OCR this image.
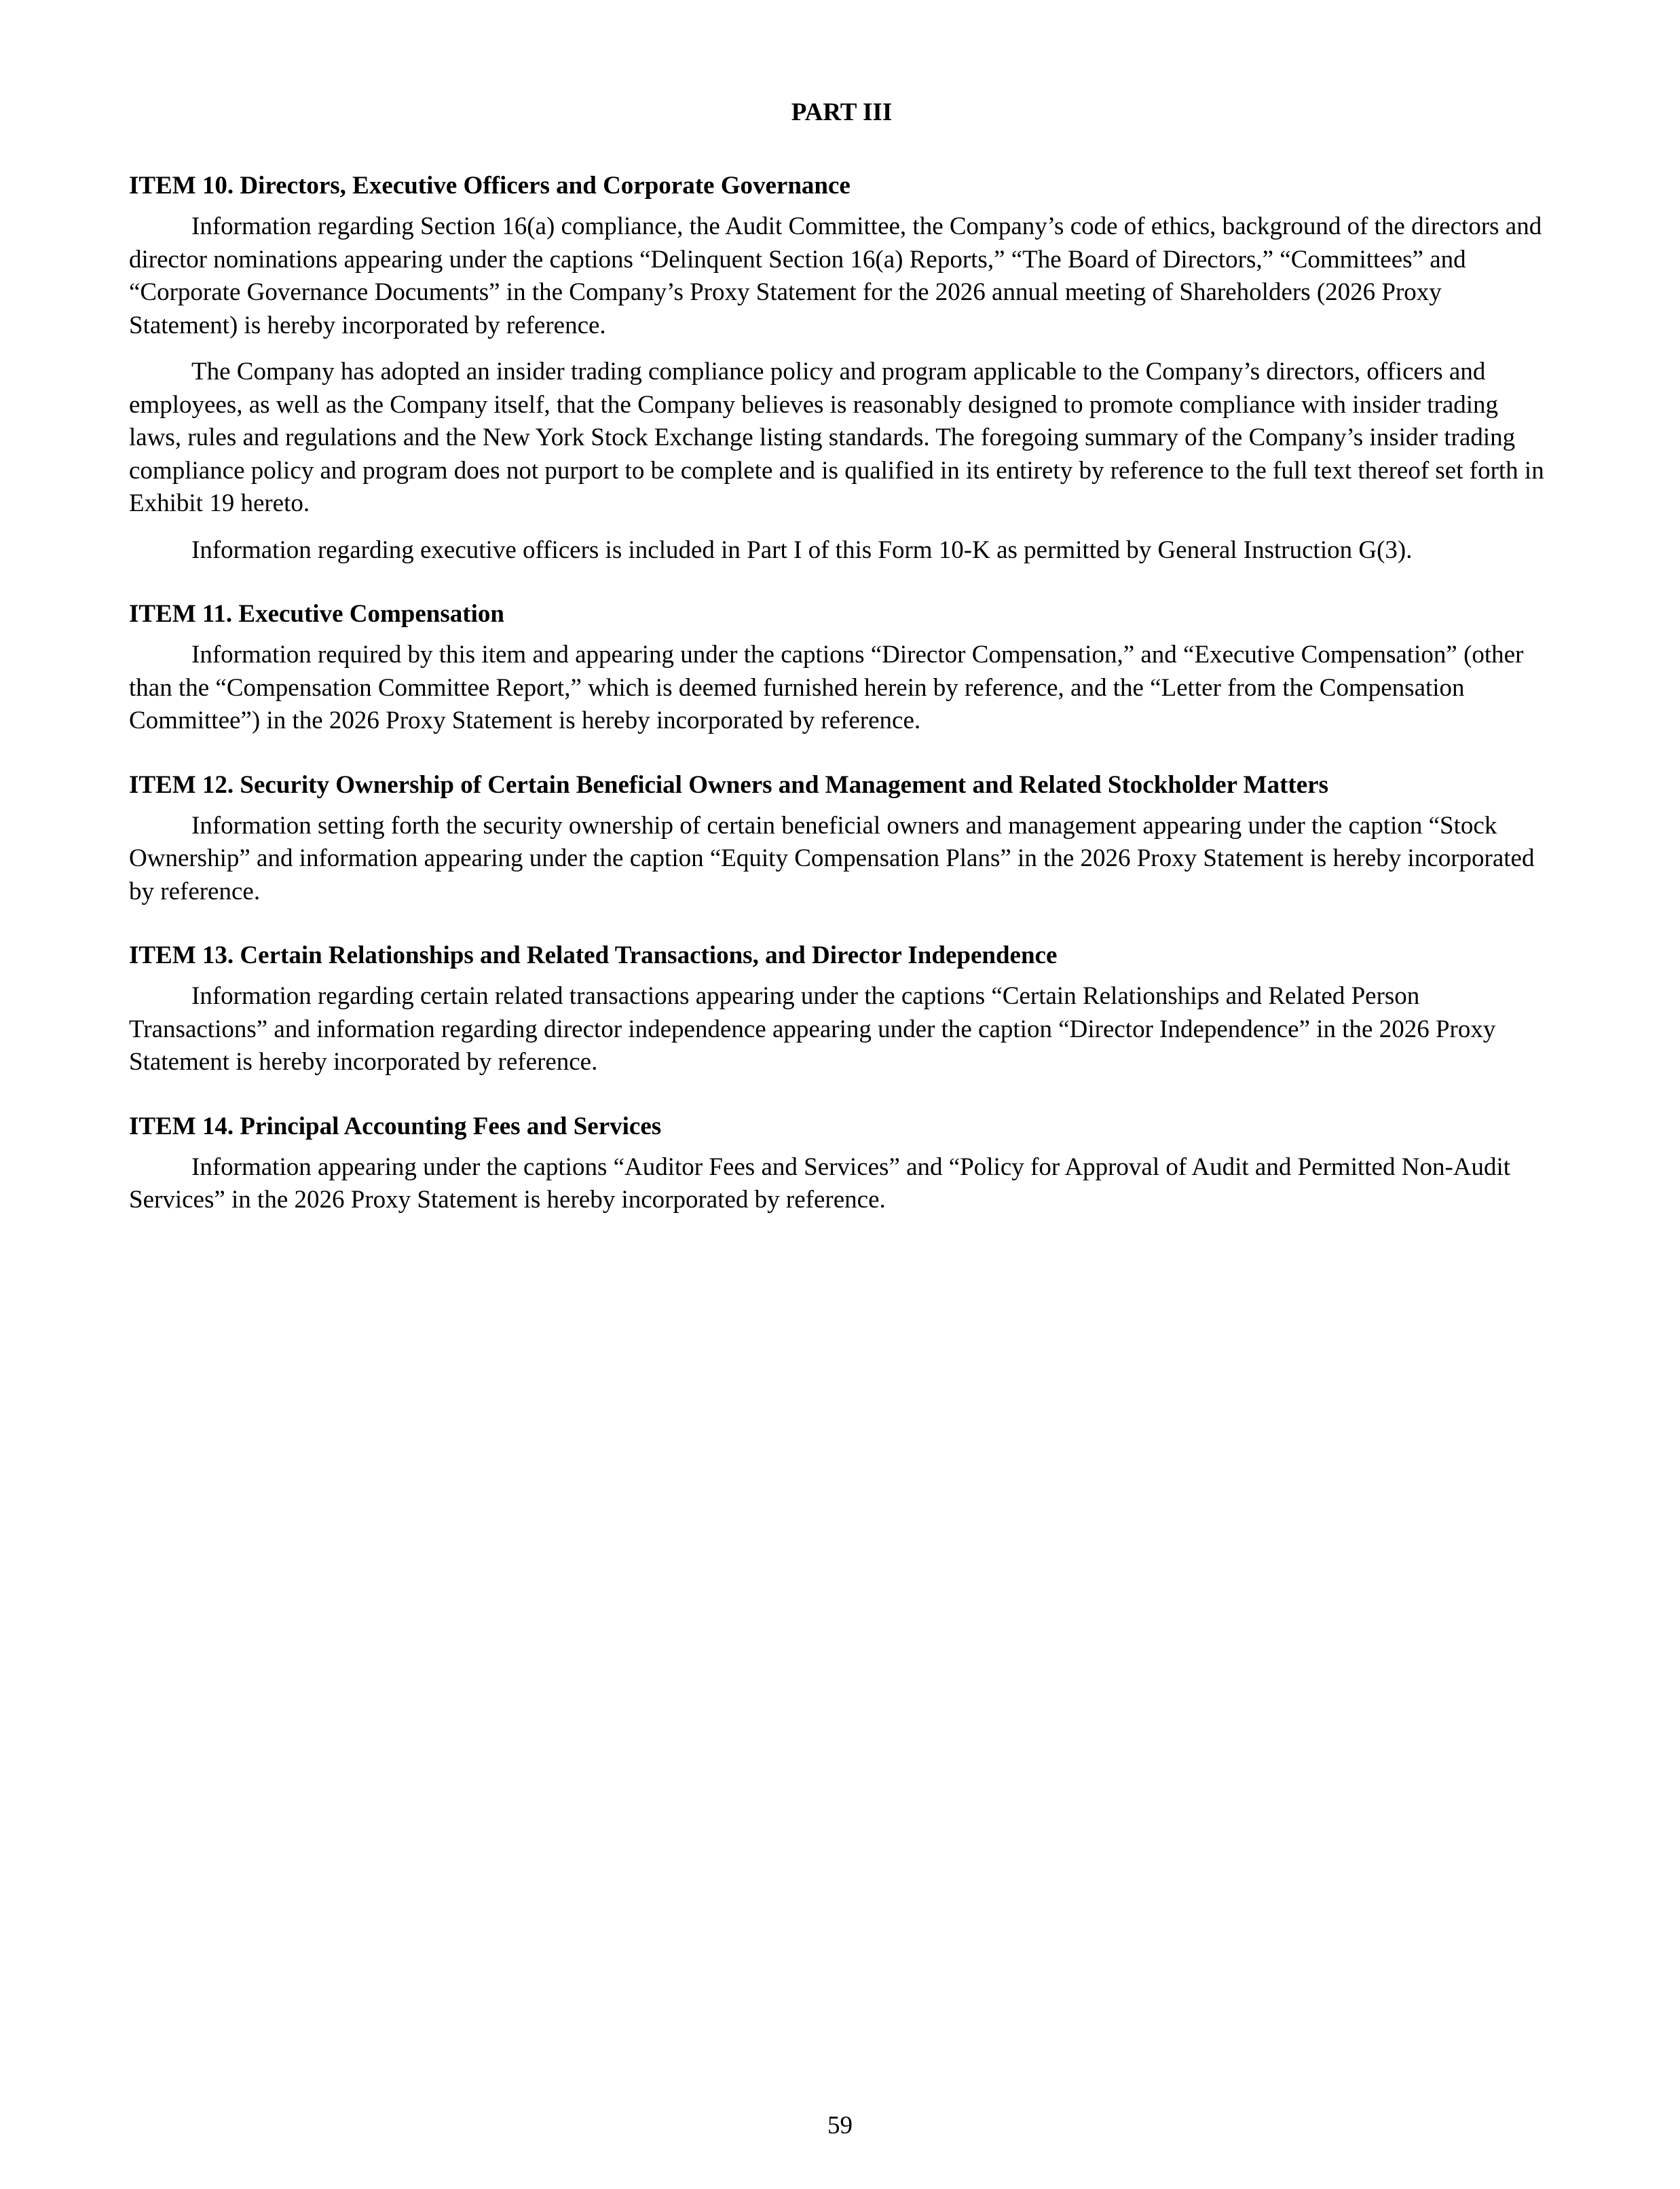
PART III
ITEM 10. Directors, Executive Officers and Corporate Governance

Information regarding Section 16(a) compliance, the Audit Committee, the Company’s code of ethics, background of the directors and director nominations appearing under the captions “Delinquent Section 16(a) Reports,” “The Board of Directors,” “Committees” and “Corporate Governance Documents” in the Company’s Proxy Statement for the 2026 annual meeting of Shareholders (2026 Proxy Statement) is hereby incorporated by reference.

The Company has adopted an insider trading compliance policy and program applicable to the Company’s directors, officers and employees, as well as the Company itself, that the Company believes is reasonably designed to promote compliance with insider trading laws, rules and regulations and the New York Stock Exchange listing standards. The foregoing summary of the Company’s insider trading compliance policy and program does not purport to be complete and is qualified in its entirety by reference to the full text thereof set forth in Exhibit 19 hereto.

Information regarding executive officers is included in Part I of this Form 10-K as permitted by General Instruction G(3).

ITEM 11. Executive Compensation

Information required by this item and appearing under the captions “Director Compensation,” and “Executive Compensation” (other than the “Compensation Committee Report,” which is deemed furnished herein by reference, and the “Letter from the Compensation Committee”) in the 2026 Proxy Statement is hereby incorporated by reference.

ITEM 12. Security Ownership of Certain Beneficial Owners and Management and Related Stockholder Matters

Information setting forth the security ownership of certain beneficial owners and management appearing under the caption “Stock Ownership” and information appearing under the caption “Equity Compensation Plans” in the 2026 Proxy Statement is hereby incorporated by reference.

ITEM 13. Certain Relationships and Related Transactions, and Director Independence

Information regarding certain related transactions appearing under the captions “Certain Relationships and Related Person Transactions” and information regarding director independence appearing under the caption “Director Independence” in the 2026 Proxy Statement is hereby incorporated by reference.

ITEM 14. Principal Accounting Fees and Services

Information appearing under the captions “Auditor Fees and Services” and “Policy for Approval of Audit and Permitted Non-Audit Services” in the 2026 Proxy Statement is hereby incorporated by reference.

59
